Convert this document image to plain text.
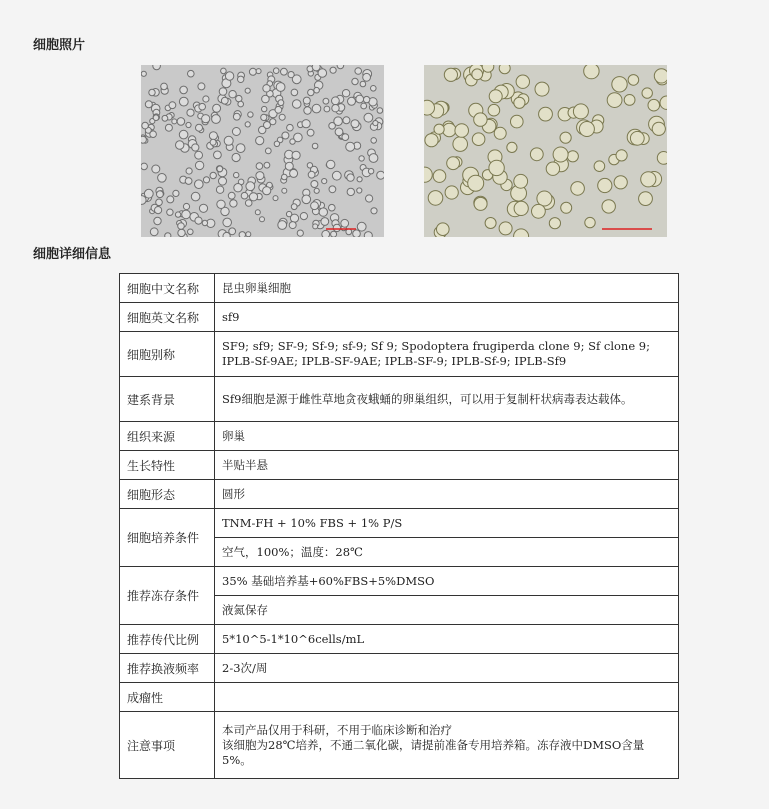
细胞照片
细胞详细信息
细胞中文名称	昆虫卵巢细胞
细胞英文名称	sf9
细胞别称	SF9; sf9; SF-9; Sf-9; sf-9; Sf 9; Spodoptera frugiperda clone 9; Sf clone 9; IPLB-Sf-9AE; IPLB-SF-9AE; IPLB-SF-9; IPLB-Sf-9; IPLB-Sf9
建系背景	Sf9细胞是源于雌性草地贪夜蛾蛹的卵巢组织，可以用于复制杆状病毒表达载体。
组织来源	卵巢
生长特性	半贴半悬
细胞形态	圆形
细胞培养条件	TNM-FH + 10% FBS + 1% P/S
	空气，100%；温度：28℃
推荐冻存条件	35% 基础培养基+60%FBS+5%DMSO
	液氮保存
推荐传代比例	5*10^5-1*10^6cells/mL
推荐换液频率	2-3次/周
成瘤性	
注意事项	本司产品仅用于科研，不用于临床诊断和治疗
该细胞为28℃培养，不通二氧化碳，请提前准备专用培养箱。冻存液中DMSO含量5%。
